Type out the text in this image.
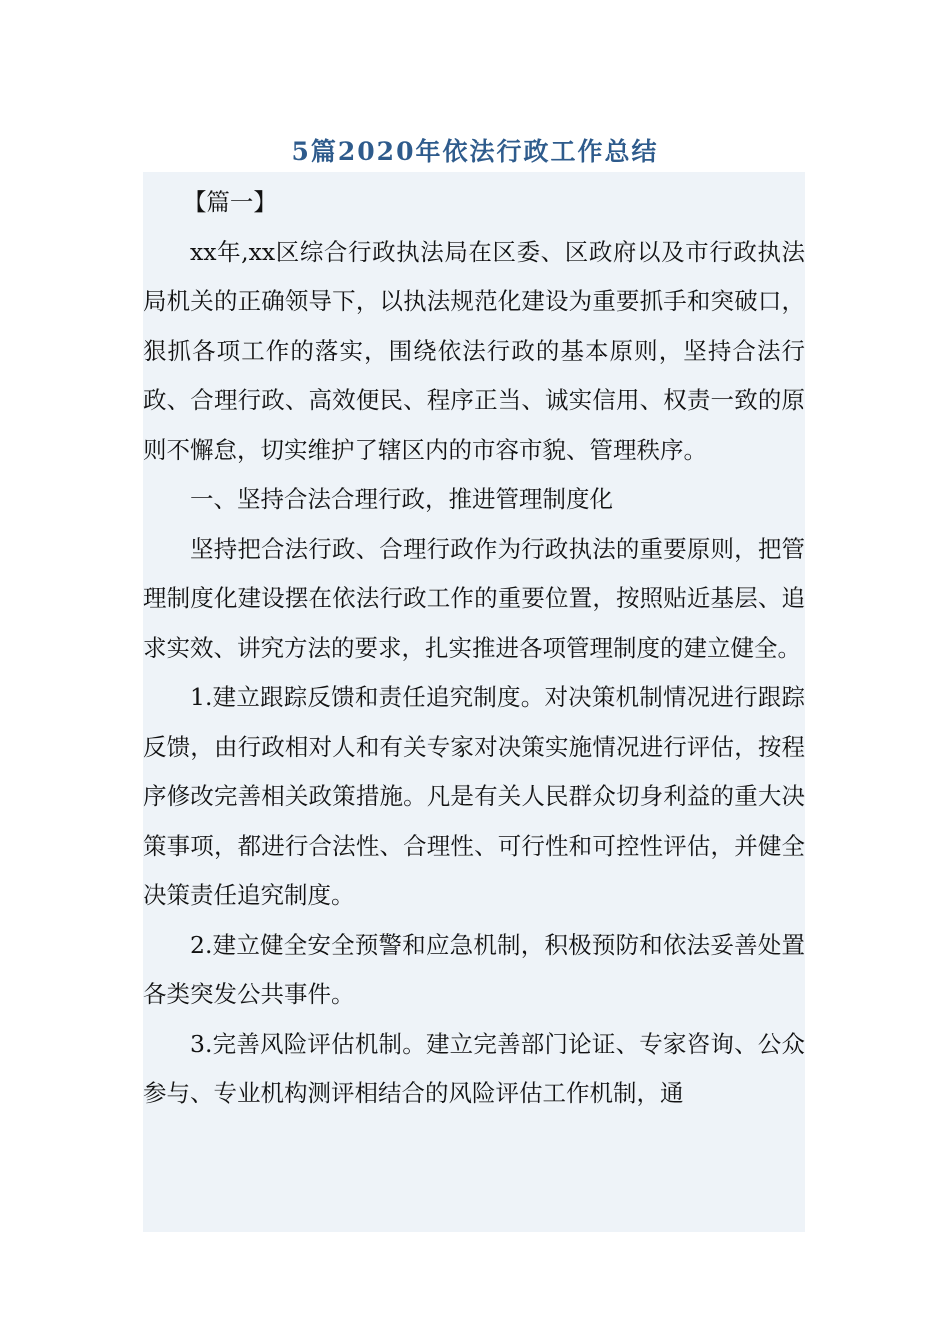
5篇2020年依法行政工作总结

【篇一】

xx年,xx区综合行政执法局在区委、区政府以及市行政执法局机关的正确领导下，以执法规范化建设为重要抓手和突破口，狠抓各项工作的落实，围绕依法行政的基本原则，坚持合法行政、合理行政、高效便民、程序正当、诚实信用、权责一致的原则不懈怠，切实维护了辖区内的市容市貌、管理秩序。

一、坚持合法合理行政，推进管理制度化

坚持把合法行政、合理行政作为行政执法的重要原则，把管理制度化建设摆在依法行政工作的重要位置，按照贴近基层、追求实效、讲究方法的要求，扎实推进各项管理制度的建立健全。

1.建立跟踪反馈和责任追究制度。对决策机制情况进行跟踪反馈，由行政相对人和有关专家对决策实施情况进行评估，按程序修改完善相关政策措施。凡是有关人民群众切身利益的重大决策事项，都进行合法性、合理性、可行性和可控性评估，并健全决策责任追究制度。

2.建立健全安全预警和应急机制，积极预防和依法妥善处置各类突发公共事件。

3.完善风险评估机制。建立完善部门论证、专家咨询、公众参与、专业机构测评相结合的风险评估工作机制，通
